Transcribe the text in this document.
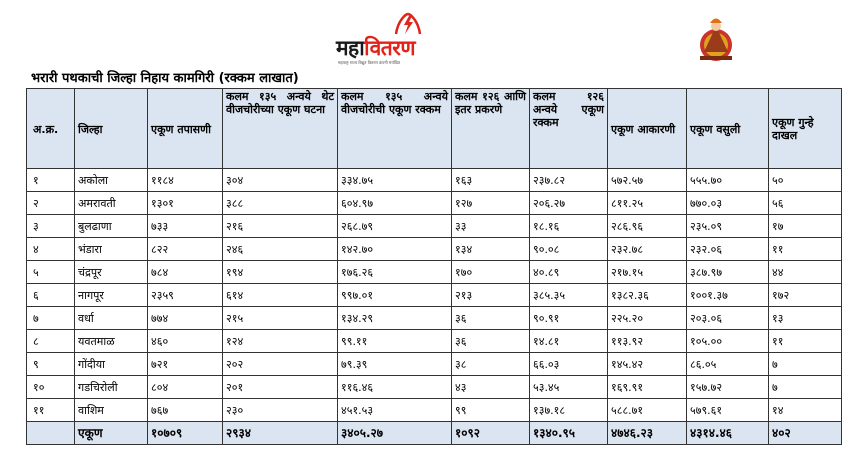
महावितरण
महाराष्ट्र राज्य विद्युत वितरण कंपनी मर्यादित
भरारी पथकाची जिल्हा निहाय कामगिरी (रक्कम लाखात)
अ.क्र.	जिल्हा	एकूण तपासणी	कलम १३५ अन्वये थेट वीजचोरीच्या एकूण घटना	कलम १३५ अन्वये वीजचोरीची एकूण रक्कम	कलम १२६ आणि इतर प्रकरणे	कलम १२६ अन्वये एकूण रक्कम	एकूण आकारणी	एकूण वसुली	एकूण गुन्हे दाखल
१	अकोला	११८४	३०४	३३४.७५	१६३	२३७.८२	५७२.५७	५५५.७०	५०
२	अमरावती	१३०१	३८८	६०४.९७	१२७	२०६.२७	८११.२५	७७०.०३	५६
३	बुलढाणा	७३३	२१६	२६८.७९	३३	१८.१६	२८६.९६	२३५.०९	१७
४	भंडारा	८२२	२४६	१४२.७०	१३४	९०.०८	२३२.७८	२३२.०६	११
५	चंद्रपूर	७८४	१९४	१७६.२६	१७०	४०.८९	२१७.१५	३८७.९७	४४
६	नागपूर	२३५९	६१४	९९७.०१	२१३	३८५.३५	१३८२.३६	१००१.३७	१७२
७	वर्धा	७७४	२१५	१३४.२९	३६	९०.९१	२२५.२०	२०३.०६	१३
८	यवतमाळ	४६०	१२४	९९.११	३६	१४.८१	११३.९२	१०५.००	११
९	गोंदीया	७२१	२०२	७९.३९	३८	६६.०३	१४५.४२	८६.०५	७
१०	गडचिरोली	८०४	२०१	११६.४६	४३	५३.४५	१६९.९१	१५७.७२	७
११	वाशिम	७६७	२३०	४५१.५३	९९	१३७.१८	५८८.७१	५७९.६१	१४
	एकूण	१०७०९	२९३४	३४०५.२७	१०९२	१३४०.९५	४७४६.२३	४३१४.४६	४०२
